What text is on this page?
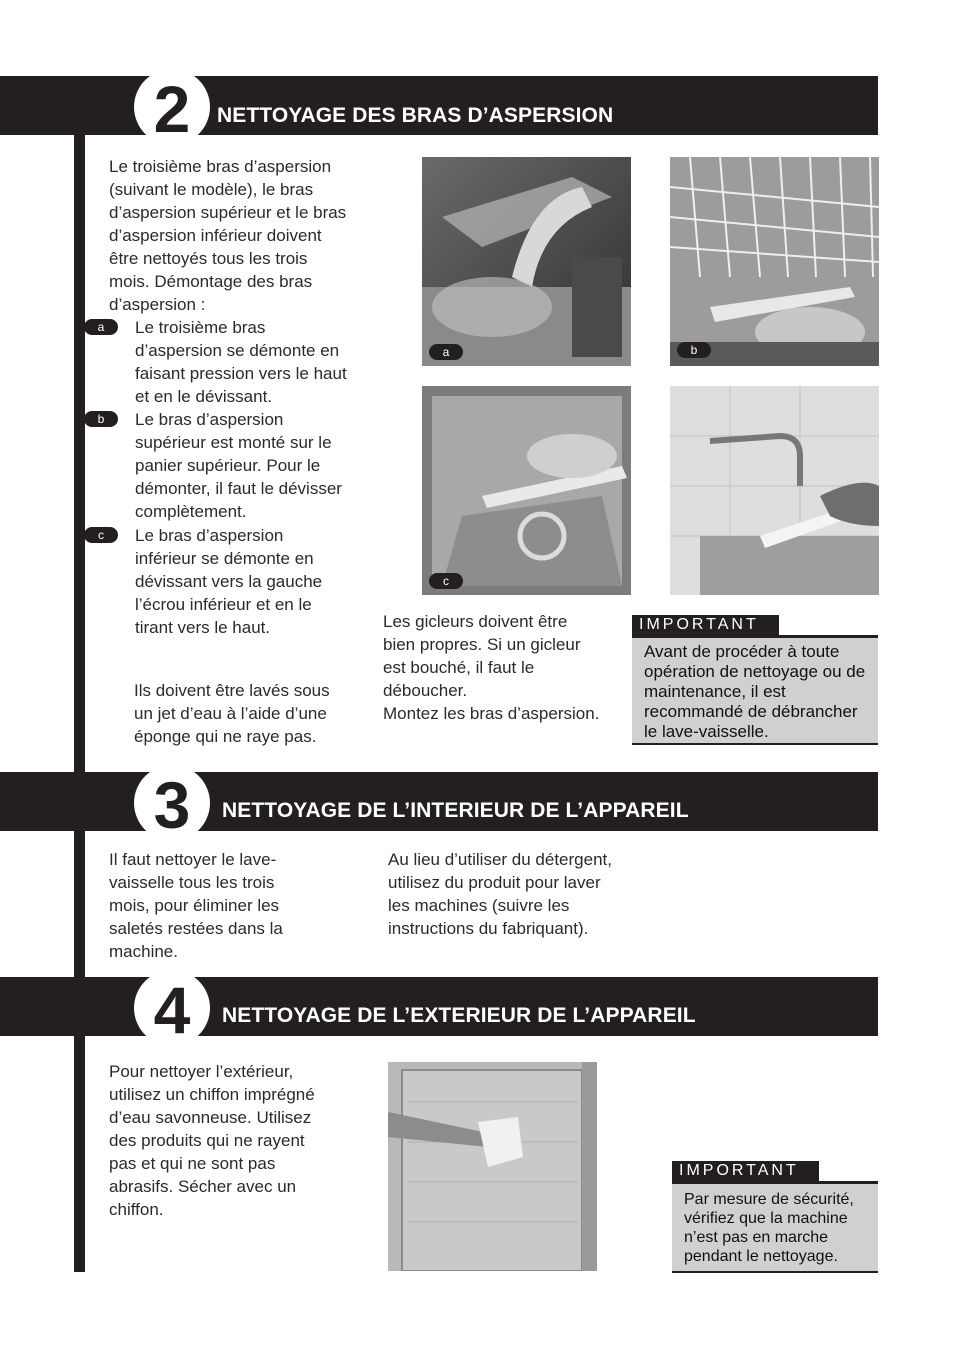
2	NETTOYAGE DES BRAS D’ASPERSION

Le troisième bras d’aspersion (suivant le modèle), le bras d’aspersion supérieur et le bras d’aspersion inférieur doivent être nettoyés tous les trois mois. Démontage des bras d’aspersion :

a	Le troisième bras d’aspersion se démonte en faisant pression vers le haut et en le dévissant.

b	Le bras d’aspersion supérieur est monté sur le panier supérieur. Pour le démonter, il faut le dévisser complètement.

c	Le bras d’aspersion inférieur se démonte en dévissant vers la gauche l’écrou inférieur et en le tirant vers le haut.

Ils doivent être lavés sous un jet d’eau à l’aide d’une éponge qui ne raye pas.

a	b
c

Les gicleurs doivent être bien propres. Si un gicleur est bouché, il faut le déboucher.

Montez les bras d’aspersion.

IMPORTANT
Avant de procéder à toute opération de nettoyage ou de maintenance, il est recommandé de débrancher le lave-vaisselle.
3	NETTOYAGE DE L’INTERIEUR DE L’APPAREIL

Il faut nettoyer le lave-vaisselle tous les trois mois, pour éliminer les saletés restées dans la machine.

Au lieu d’utiliser du détergent, utilisez du produit pour laver les machines (suivre les instructions du fabriquant).

4	NETTOYAGE DE L’EXTERIEUR DE L’APPAREIL

Pour nettoyer l’extérieur, utilisez un chiffon imprégné d’eau savonneuse. Utilisez des produits qui ne rayent pas et qui ne sont pas abrasifs. Sécher avec un chiffon.

IMPORTANT
Par mesure de sécurité, vérifiez que la machine n’est pas en marche pendant le nettoyage.
